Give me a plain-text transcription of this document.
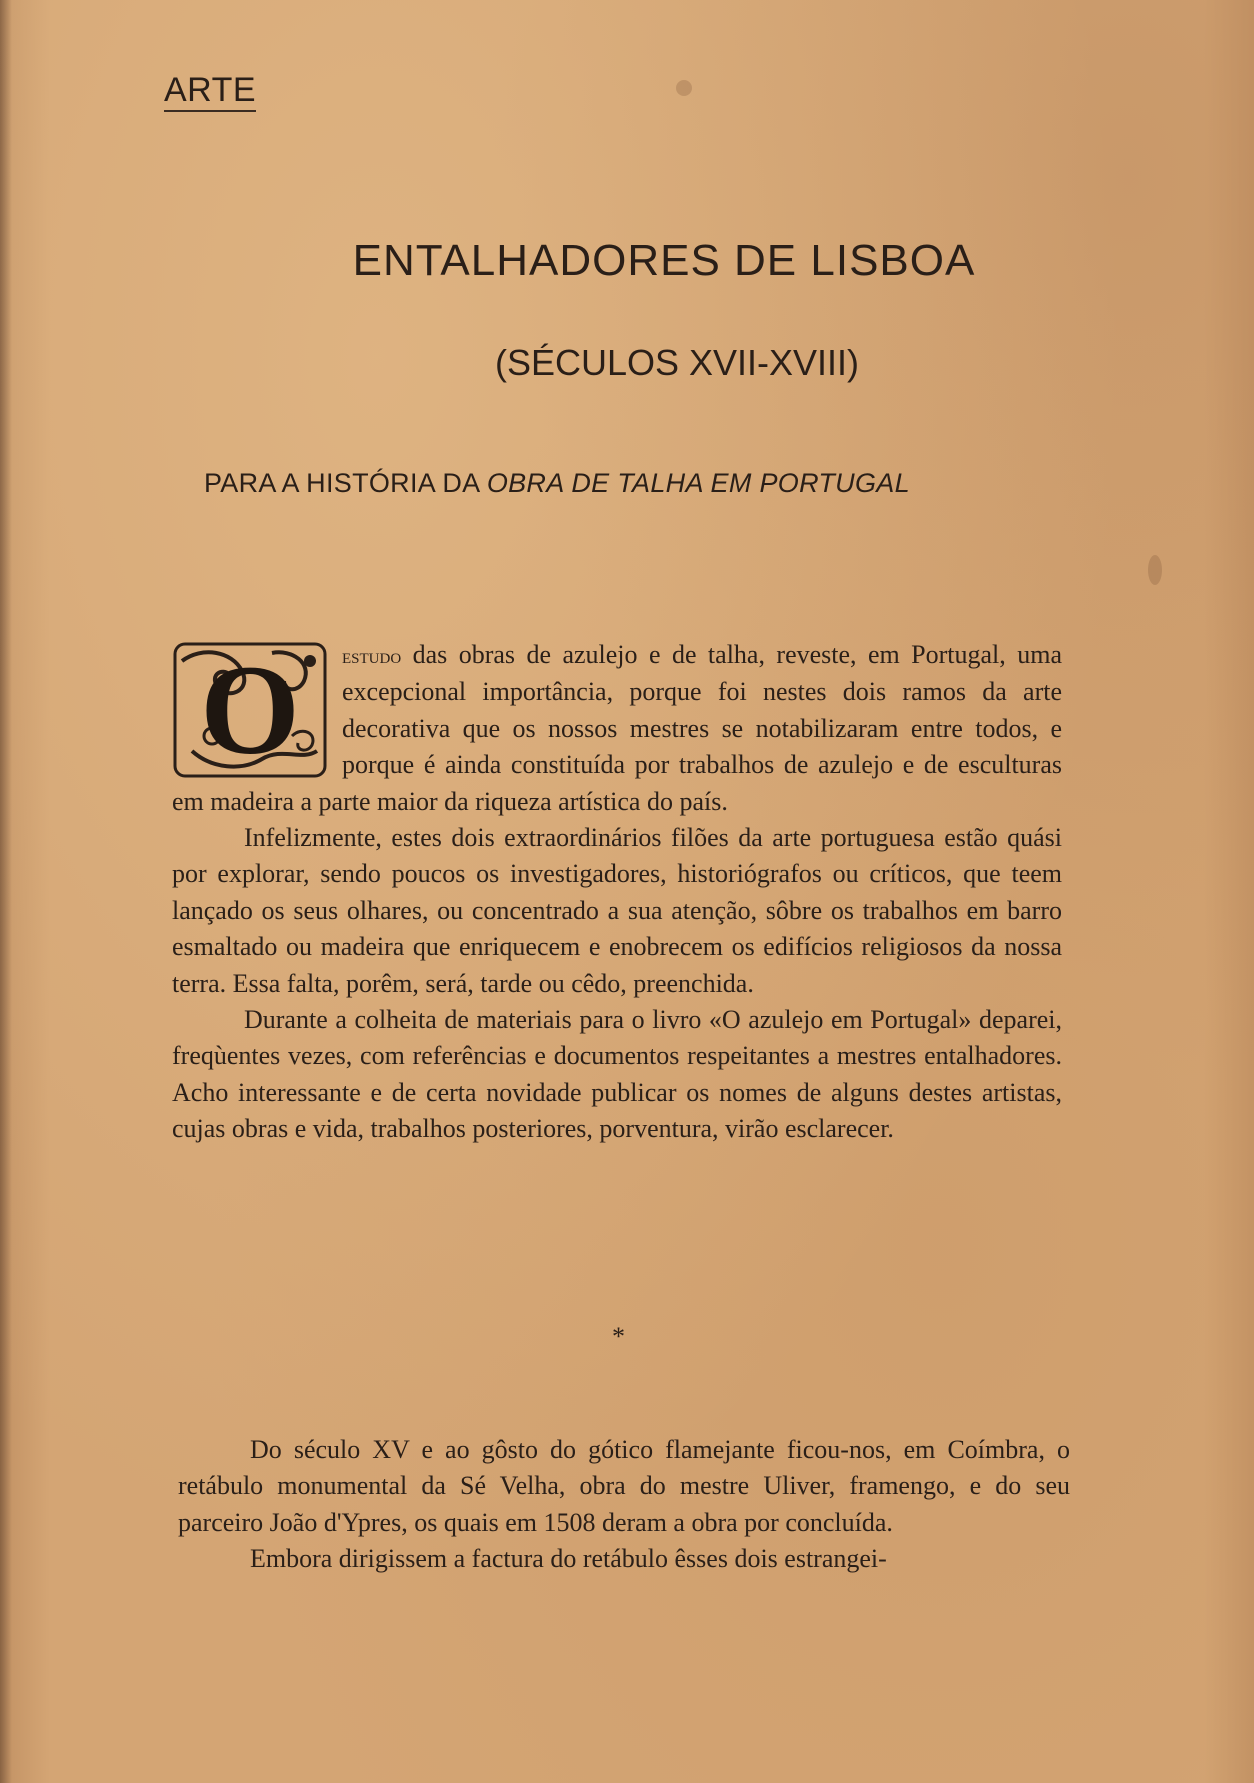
ARTE
ENTALHADORES DE LISBOA
(SÉCULOS XVII-XVIII)
PARA A HISTÓRIA DA OBRA DE TALHA EM PORTUGAL
O	estudo das obras de azulejo e de talha, reveste, em Portugal, uma excepcional importância, porque foi nestes dois ramos da arte decorativa que os nossos mestres se notabilizaram entre todos, e porque é ainda constituída por trabalhos de azulejo e de esculturas em madeira a parte maior da riqueza artística do país.

Infelizmente, estes dois extraordinários filões da arte portuguesa estão quási por explorar, sendo poucos os investigadores, historiógrafos ou críticos, que teem lançado os seus olhares, ou concentrado a sua atenção, sôbre os trabalhos em barro esmaltado ou madeira que enriquecem e enobrecem os edifícios religiosos da nossa terra. Essa falta, porêm, será, tarde ou cêdo, preenchida.

Durante a colheita de materiais para o livro «O azulejo em Portugal» deparei, freqùentes vezes, com referências e documentos respeitantes a mestres entalhadores. Acho interessante e de certa novidade publicar os nomes de alguns destes artistas, cujas obras e vida, trabalhos posteriores, porventura, virão esclarecer.

*

Do século XV e ao gôsto do gótico flamejante ficou-nos, em Coímbra, o retábulo monumental da Sé Velha, obra do mestre Uliver, framengo, e do seu parceiro João d'Ypres, os quais em 1508 deram a obra por concluída.

Embora dirigissem a factura do retábulo êsses dois estrangei-
